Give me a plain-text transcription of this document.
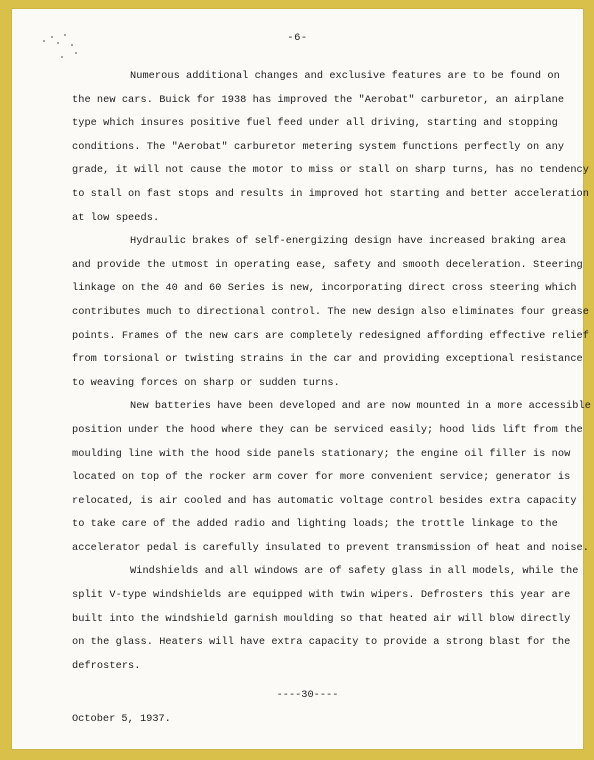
-6-

Numerous additional changes and exclusive features are to be found on
the new cars. Buick for 1938 has improved the "Aerobat" carburetor, an airplane
type which insures positive fuel feed under all driving, starting and stopping
conditions. The "Aerobat" carburetor metering system functions perfectly on any
grade, it will not cause the motor to miss or stall on sharp turns, has no tendency
to stall on fast stops and results in improved hot starting and better acceleration
at low speeds.

Hydraulic brakes of self-energizing design have increased braking area
and provide the utmost in operating ease, safety and smooth deceleration. Steering
linkage on the 40 and 60 Series is new, incorporating direct cross steering which
contributes much to directional control. The new design also eliminates four grease
points. Frames of the new cars are completely redesigned affording effective relief
from torsional or twisting strains in the car and providing exceptional resistance
to weaving forces on sharp or sudden turns.

New batteries have been developed and are now mounted in a more accessible
position under the hood where they can be serviced easily; hood lids lift from the
moulding line with the hood side panels stationary; the engine oil filler is now
located on top of the rocker arm cover for more convenient service; generator is
relocated, is air cooled and has automatic voltage control besides extra capacity
to take care of the added radio and lighting loads; the trottle linkage to the
accelerator pedal is carefully insulated to prevent transmission of heat and noise.

Windshields and all windows are of safety glass in all models, while the
split V-type windshields are equipped with twin wipers. Defrosters this year are
built into the windshield garnish moulding so that heated air will blow directly
on the glass. Heaters will have extra capacity to provide a strong blast for the
defrosters.

----30----
October 5, 1937.
